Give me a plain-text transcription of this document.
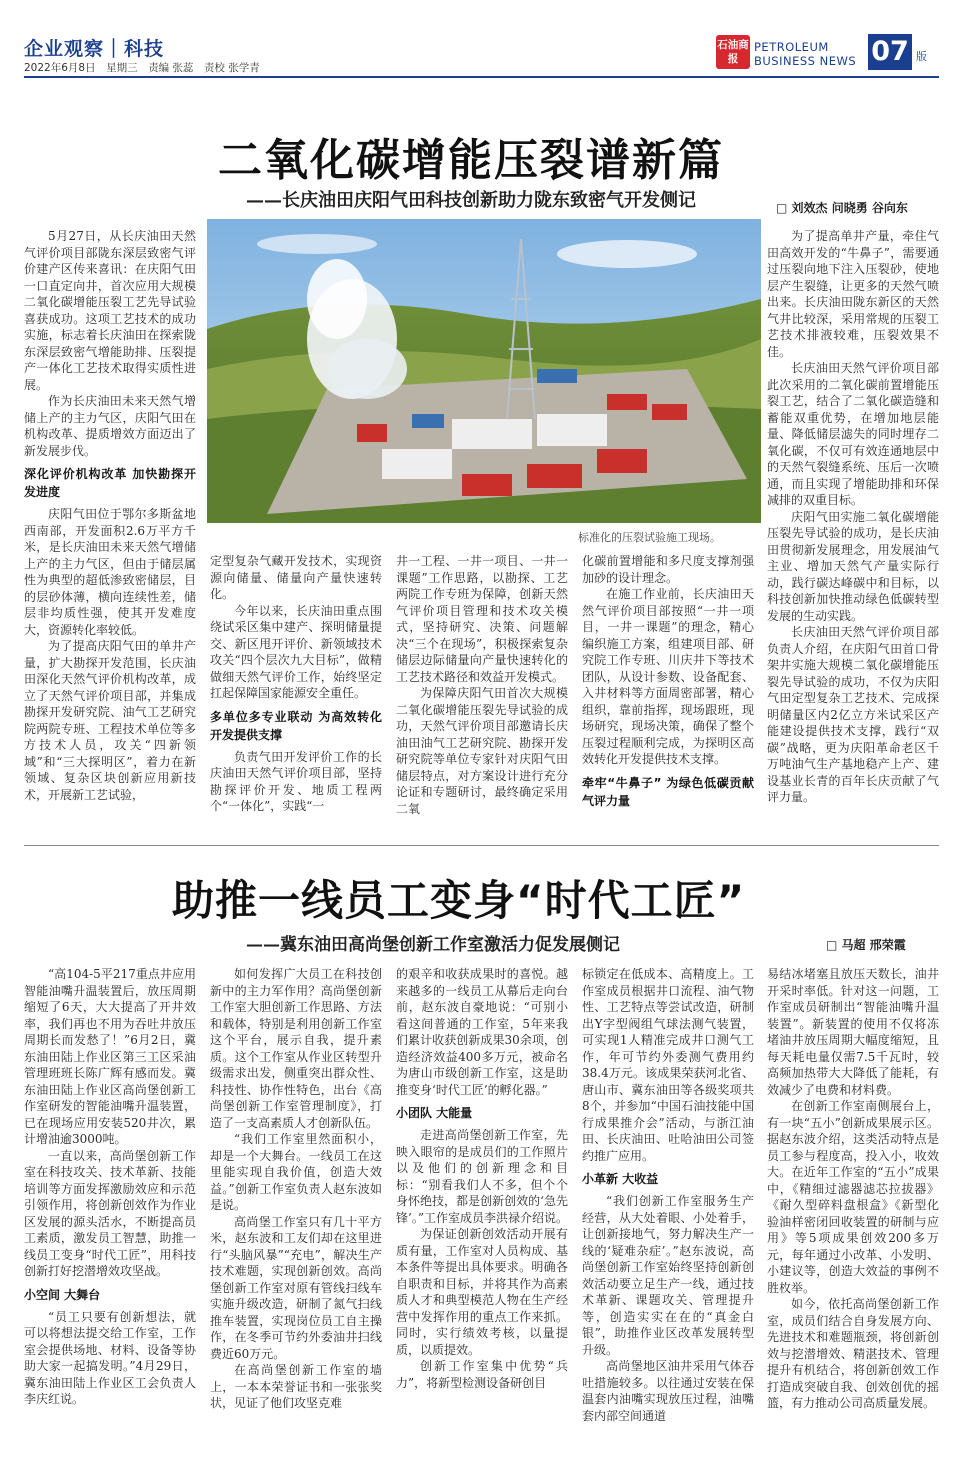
企业观察｜科技
2022年6月8日　星期三　责编 张蕊　责校 张学青
石油商报
PETROLEUM
BUSINESS NEWS 07 版
二氧化碳增能压裂谱新篇
——长庆油田庆阳气田科技创新助力陇东致密气开发侧记	□ 刘效杰 问晓勇 谷向东
标准化的压裂试验施工现场。

5月27日，从长庆油田天然气评价项目部陇东深层致密气评价建产区传来喜讯：在庆阳气田一口直定向井，首次应用大规模二氧化碳增能压裂工艺先导试验喜获成功。这项工艺技术的成功实施，标志着长庆油田在探索陇东深层致密气增能助排、压裂提产一体化工艺技术取得实质性进展。

作为长庆油田未来天然气增储上产的主力气区，庆阳气田在机构改革、提质增效方面迈出了新发展步伐。

深化评价机构改革 加快勘探开发进度

庆阳气田位于鄂尔多斯盆地西南部，开发面积2.6万平方千米，是长庆油田未来天然气增储上产的主力气区，但由于储层属性为典型的超低渗致密储层，目的层砂体薄，横向连续性差，储层非均质性强，使其开发难度大，资源转化率较低。

为了提高庆阳气田的单井产量，扩大勘探开发范围，长庆油田深化天然气评价机构改革，成立了天然气评价项目部，并集成勘探开发研究院、油气工艺研究院两院专班、工程技术单位等多方技术人员，攻关“四新领域”和“三大探明区”，着力在新领域、复杂区块创新应用新技术，开展新工艺试验，

定型复杂气藏开发技术，实现资源向储量、储量向产量快速转化。

今年以来，长庆油田重点围绕试采区集中建产、探明储量提交、新区甩开评价、新领域技术攻关“四个层次九大目标”，做精做细天然气评价工作，始终坚定扛起保障国家能源安全重任。

多单位多专业联动 为高效转化开发提供支撑

负责气田开发评价工作的长庆油田天然气评价项目部，坚持勘探评价开发、地质工程两个“一体化”，实践“一

井一工程、一井一项目、一井一课题”工作思路，以勘探、工艺两院工作专班为保障，创新天然气评价项目管理和技术攻关模式，坚持研究、决策、问题解决“三个在现场”，积极探索复杂储层边际储量向产量快速转化的工艺技术路径和效益开发模式。

为保障庆阳气田首次大规模二氧化碳增能压裂先导试验的成功，天然气评价项目部邀请长庆油田油气工艺研究院、勘探开发研究院等单位专家针对庆阳气田储层特点，对方案设计进行充分论证和专题研讨，最终确定采用二氧

化碳前置增能和多尺度支撑剂强加砂的设计理念。

在施工作业前，长庆油田天然气评价项目部按照“一井一项目，一井一课题”的理念，精心编织施工方案，组建项目部、研究院工作专班、川庆井下等技术团队，从设计参数、设备配套、入井材料等方面周密部署，精心组织，靠前指挥，现场跟班，现场研究，现场决策，确保了整个压裂过程顺利完成，为探明区高效转化开发提供技术支撑。

牵牢“牛鼻子” 为绿色低碳贡献气评力量

为了提高单井产量，牵住气田高效开发的“牛鼻子”，需要通过压裂向地下注入压裂砂，使地层产生裂缝，让更多的天然气喷出来。长庆油田陇东新区的天然气井比较深，采用常规的压裂工艺技术排液较难，压裂效果不佳。

长庆油田天然气评价项目部此次采用的二氧化碳前置增能压裂工艺，结合了二氧化碳造缝和蓄能双重优势，在增加地层能量、降低储层滤失的同时埋存二氧化碳，不仅可有效连通地层中的天然气裂缝系统、压后一次喷通，而且实现了增能助排和环保减排的双重目标。

庆阳气田实施二氧化碳增能压裂先导试验的成功，是长庆油田贯彻新发展理念，用发展油气主业、增加天然气产量实际行动，践行碳达峰碳中和目标，以科技创新加快推动绿色低碳转型发展的生动实践。

长庆油田天然气评价项目部负责人介绍，在庆阳气田首口骨架井实施大规模二氧化碳增能压裂先导试验的成功，不仅为庆阳气田定型复杂工艺技术、完成探明储量区内2亿立方米试采区产能建设提供技术支撑，践行“双碳”战略，更为庆阳革命老区千万吨油气生产基地稳产上产、建设基业长青的百年长庆贡献了气评力量。

助推一线员工变身“时代工匠”
——冀东油田高尚堡创新工作室激活力促发展侧记	□ 马超 邢荣霞

“高104-5平217重点井应用智能油嘴升温装置后，放压周期缩短了6天，大大提高了开井效率，我们再也不用为吞吐井放压周期长而发愁了！”6月2日，冀东油田陆上作业区第三工区采油管理班班长陈广辉有感而发。冀东油田陆上作业区高尚堡创新工作室研发的智能油嘴升温装置，已在现场应用安装520井次，累计增油逾3000吨。

一直以来，高尚堡创新工作室在科技攻关、技术革新、技能培训等方面发挥激励效应和示范引领作用，将创新创效作为作业区发展的源头活水，不断提高员工素质，激发员工智慧，助推一线员工变身“时代工匠”，用科技创新打好挖潜增效攻坚战。

小空间 大舞台

“员工只要有创新想法，就可以将想法提交给工作室，工作室会提供场地、材料、设备等协助大家一起搞发明。”4月29日，冀东油田陆上作业区工会负责人李庆红说。

如何发挥广大员工在科技创新中的主力军作用？高尚堡创新工作室大胆创新工作思路、方法和载体，特别是利用创新工作室这个平台，展示自我，提升素质。这个工作室从作业区转型升级需求出发，侧重突出群众性、科技性、协作性特色，出台《高尚堡创新工作室管理制度》，打造了一支高素质人才创新队伍。

“我们工作室里然面积小，却是一个大舞台。一线员工在这里能实现自我价值，创造大效益。”创新工作室负责人赵东波如是说。

高尚堡工作室只有几十平方米，赵东波和工友们却在这里进行“头脑风暴”“充电”，解决生产技术难题，实现创新创效。高尚堡创新工作室对原有管线扫线车实施升级改造，研制了氮气扫线推车装置，实现岗位员工自主操作，在冬季可节约外委油井扫线费近60万元。

在高尚堡创新工作室的墙上，一本本荣誉证书和一张张奖状，见证了他们攻坚克难

的艰辛和收获成果时的喜悦。越来越多的一线员工从幕后走向台前，赵东波自豪地说：“可别小看这间普通的工作室，5年来我们累计收获创新成果30余项，创造经济效益400多万元，被命名为唐山市级创新工作室，这是助推变身‘时代工匠’的孵化器。”

小团队 大能量

走进高尚堡创新工作室，先映入眼帘的是成员们的工作照片以及他们的创新理念和目标：“别看我们人不多，但个个身怀绝技，都是创新创效的‘急先锋’。”工作室成员李洪禄介绍说。

为保证创新创效活动开展有质有量，工作室对人员构成、基本条件等提出具体要求。明确各自职责和目标，并将其作为高素质人才和典型模范人物在生产经营中发挥作用的重点工作来抓。同时，实行绩效考核，以量提质，以质提效。

创新工作室集中优势“兵力”，将新型检测设备研创目

标锁定在低成本、高精度上。工作室成员根据井口流程、油气物性、工艺特点等尝试改造，研制出Y字型阀组气球法测气装置，可实现1人精准完成井口测气工作，年可节约外委测气费用约38.4万元。该成果荣获河北省、唐山市、冀东油田等各级奖项共8个，并参加“中国石油技能中国行成果推介会”活动，与浙江油田、长庆油田、吐哈油田公司签约推广应用。

小革新 大收益

“我们创新工作室服务生产经营，从大处着眼、小处着手，让创新接地气，努力解决生产一线的‘疑难杂症’。”赵东波说，高尚堡创新工作室始终坚持创新创效活动要立足生产一线，通过技术革新、课题攻关、管理提升等，创造实实在在的“真金白银”，助推作业区改革发展转型升级。

高尚堡地区油井采用气体吞吐措施较多。以往通过安装在保温套内油嘴实现放压过程，油嘴套内部空间通道

易结冰堵塞且放压天数长，油井开采时率低。针对这一问题，工作室成员研制出“智能油嘴升温装置”。新装置的使用不仅将冻堵油井放压周期大幅度缩短，且每天耗电量仅需7.5千瓦时，较高频加热带大大降低了能耗，有效减少了电费和材料费。

在创新工作室南侧展台上，有一块“五小”创新成果展示区。据赵东波介绍，这类活动特点是员工参与程度高，投入小，收效大。在近年工作室的“五小”成果中，《精细过滤器滤芯拉拔器》《耐久型碎料盘根盒》《新型化验油样密闭回收装置的研制与应用》等5项成果创效200多万元，每年通过小改革、小发明、小建议等，创造大效益的事例不胜枚举。

如今，依托高尚堡创新工作室，成员们结合自身发展方向、先进技术和难题瓶颈，将创新创效与挖潜增效、精湛技术、管理提升有机结合，将创新创效工作打造成突破自我、创效创优的摇篮，有力推动公司高质量发展。
